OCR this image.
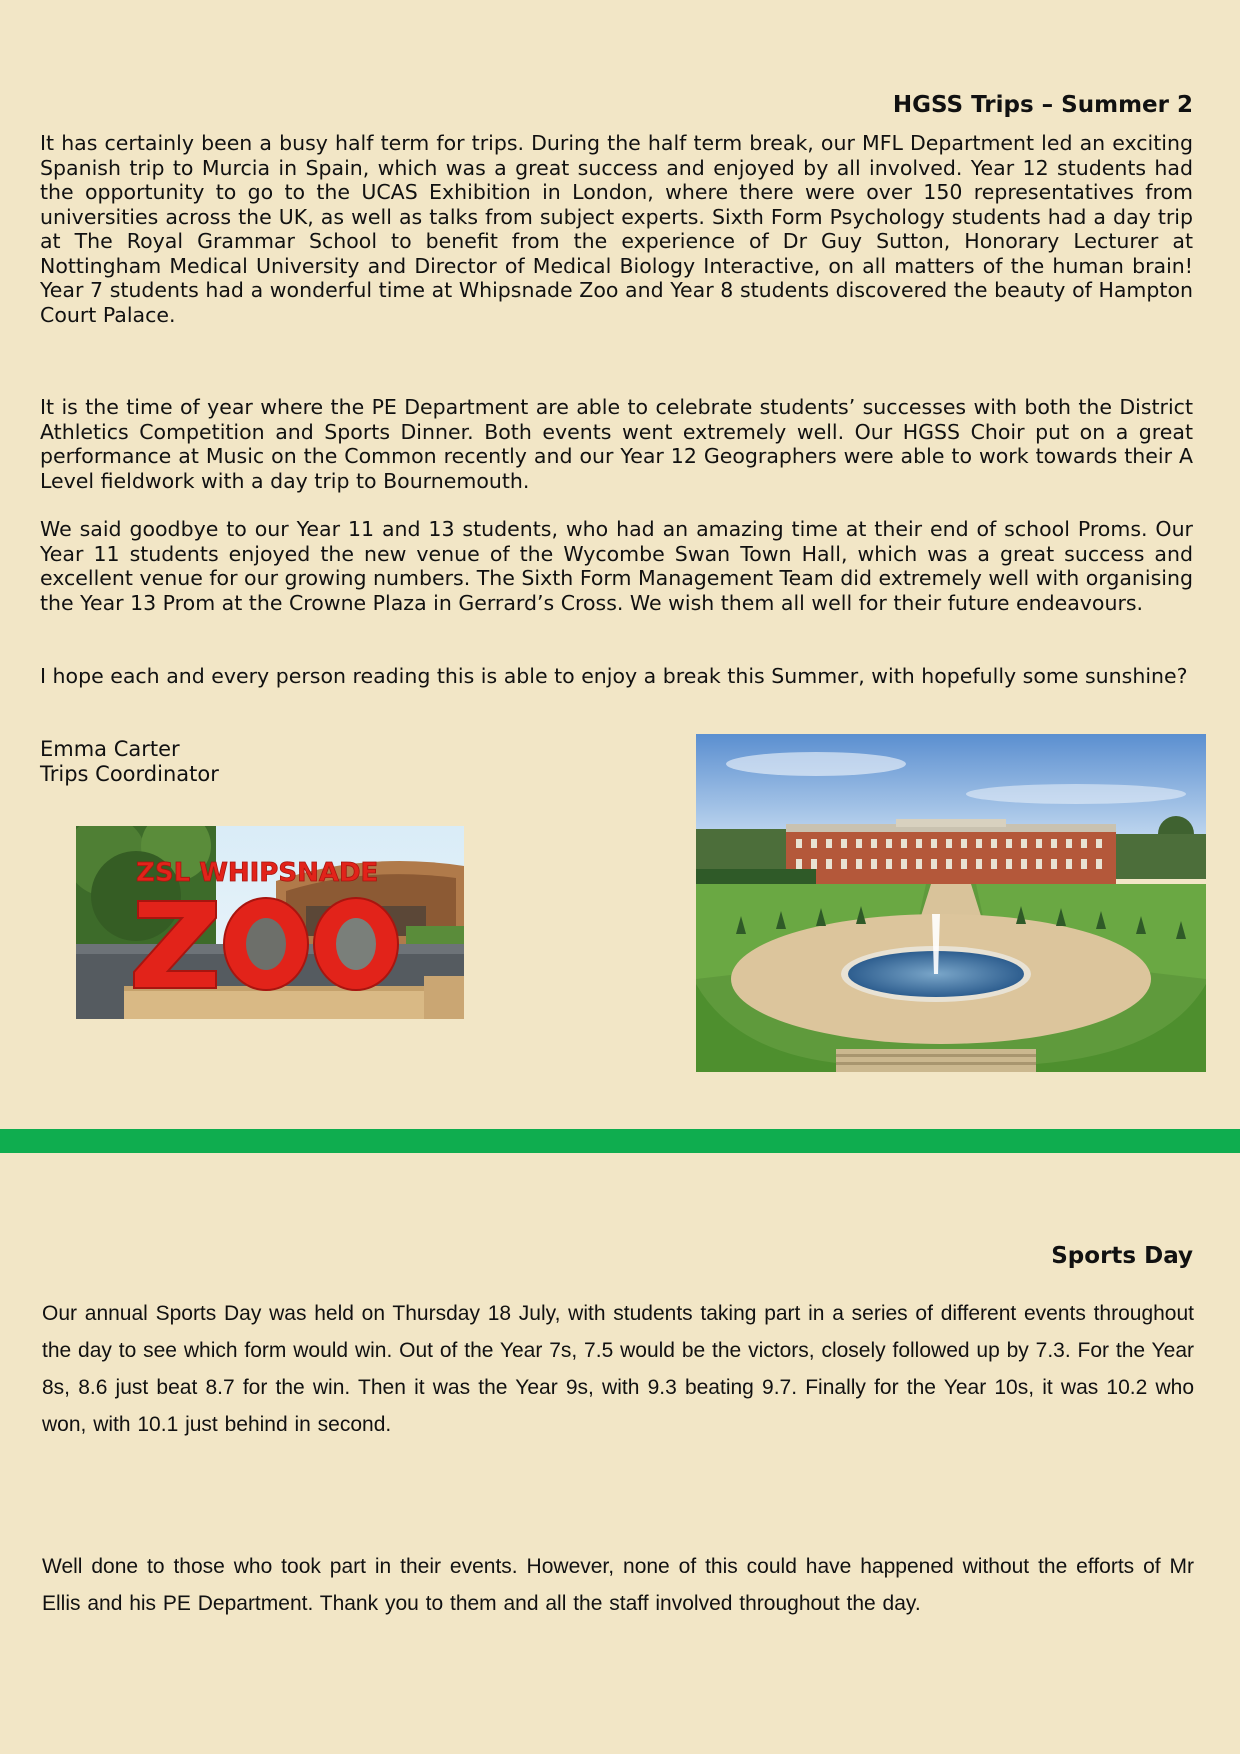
HGSS Trips – Summer 2

It has certainly been a busy half term for trips. During the half term break, our MFL Department led an exciting Spanish trip to Murcia in Spain, which was a great success and enjoyed by all involved. Year 12 students had the opportunity to go to the UCAS Exhibition in London, where there were over 150 representatives from universities across the UK, as well as talks from subject experts. Sixth Form Psychology students had a day trip at The Royal Grammar School to benefit from the experience of Dr Guy Sutton, Honorary Lecturer at Nottingham Medical University and Director of Medical Biology Interactive, on all matters of the human brain! Year 7 students had a wonderful time at Whipsnade Zoo and Year 8 students discovered the beauty of Hampton Court Palace.

It is the time of year where the PE Department are able to celebrate students’ successes with both the District Athletics Competition and Sports Dinner. Both events went extremely well. Our HGSS Choir put on a great performance at Music on the Common recently and our Year 12 Geographers were able to work towards their A Level fieldwork with a day trip to Bournemouth.

We said goodbye to our Year 11 and 13 students, who had an amazing time at their end of school Proms. Our Year 11 students enjoyed the new venue of the Wycombe Swan Town Hall, which was a great success and excellent venue for our growing numbers. The Sixth Form Management Team did extremely well with organising the Year 13 Prom at the Crowne Plaza in Gerrard’s Cross. We wish them all well for their future endeavours.

I hope each and every person reading this is able to enjoy a break this Summer, with hopefully some sunshine?

Emma Carter
Trips Coordinator
ZSL WHIPSNADE
Sports Day

Our annual Sports Day was held on Thursday 18 July, with students taking part in a series of different events throughout the day to see which form would win. Out of the Year 7s, 7.5 would be the victors, closely followed up by 7.3. For the Year 8s, 8.6 just beat 8.7 for the win. Then it was the Year 9s, with 9.3 beating 9.7. Finally for the Year 10s, it was 10.2 who won, with 10.1 just behind in second.

Well done to those who took part in their events. However, none of this could have happened without the efforts of Mr Ellis and his PE Department. Thank you to them and all the staff involved throughout the day.
